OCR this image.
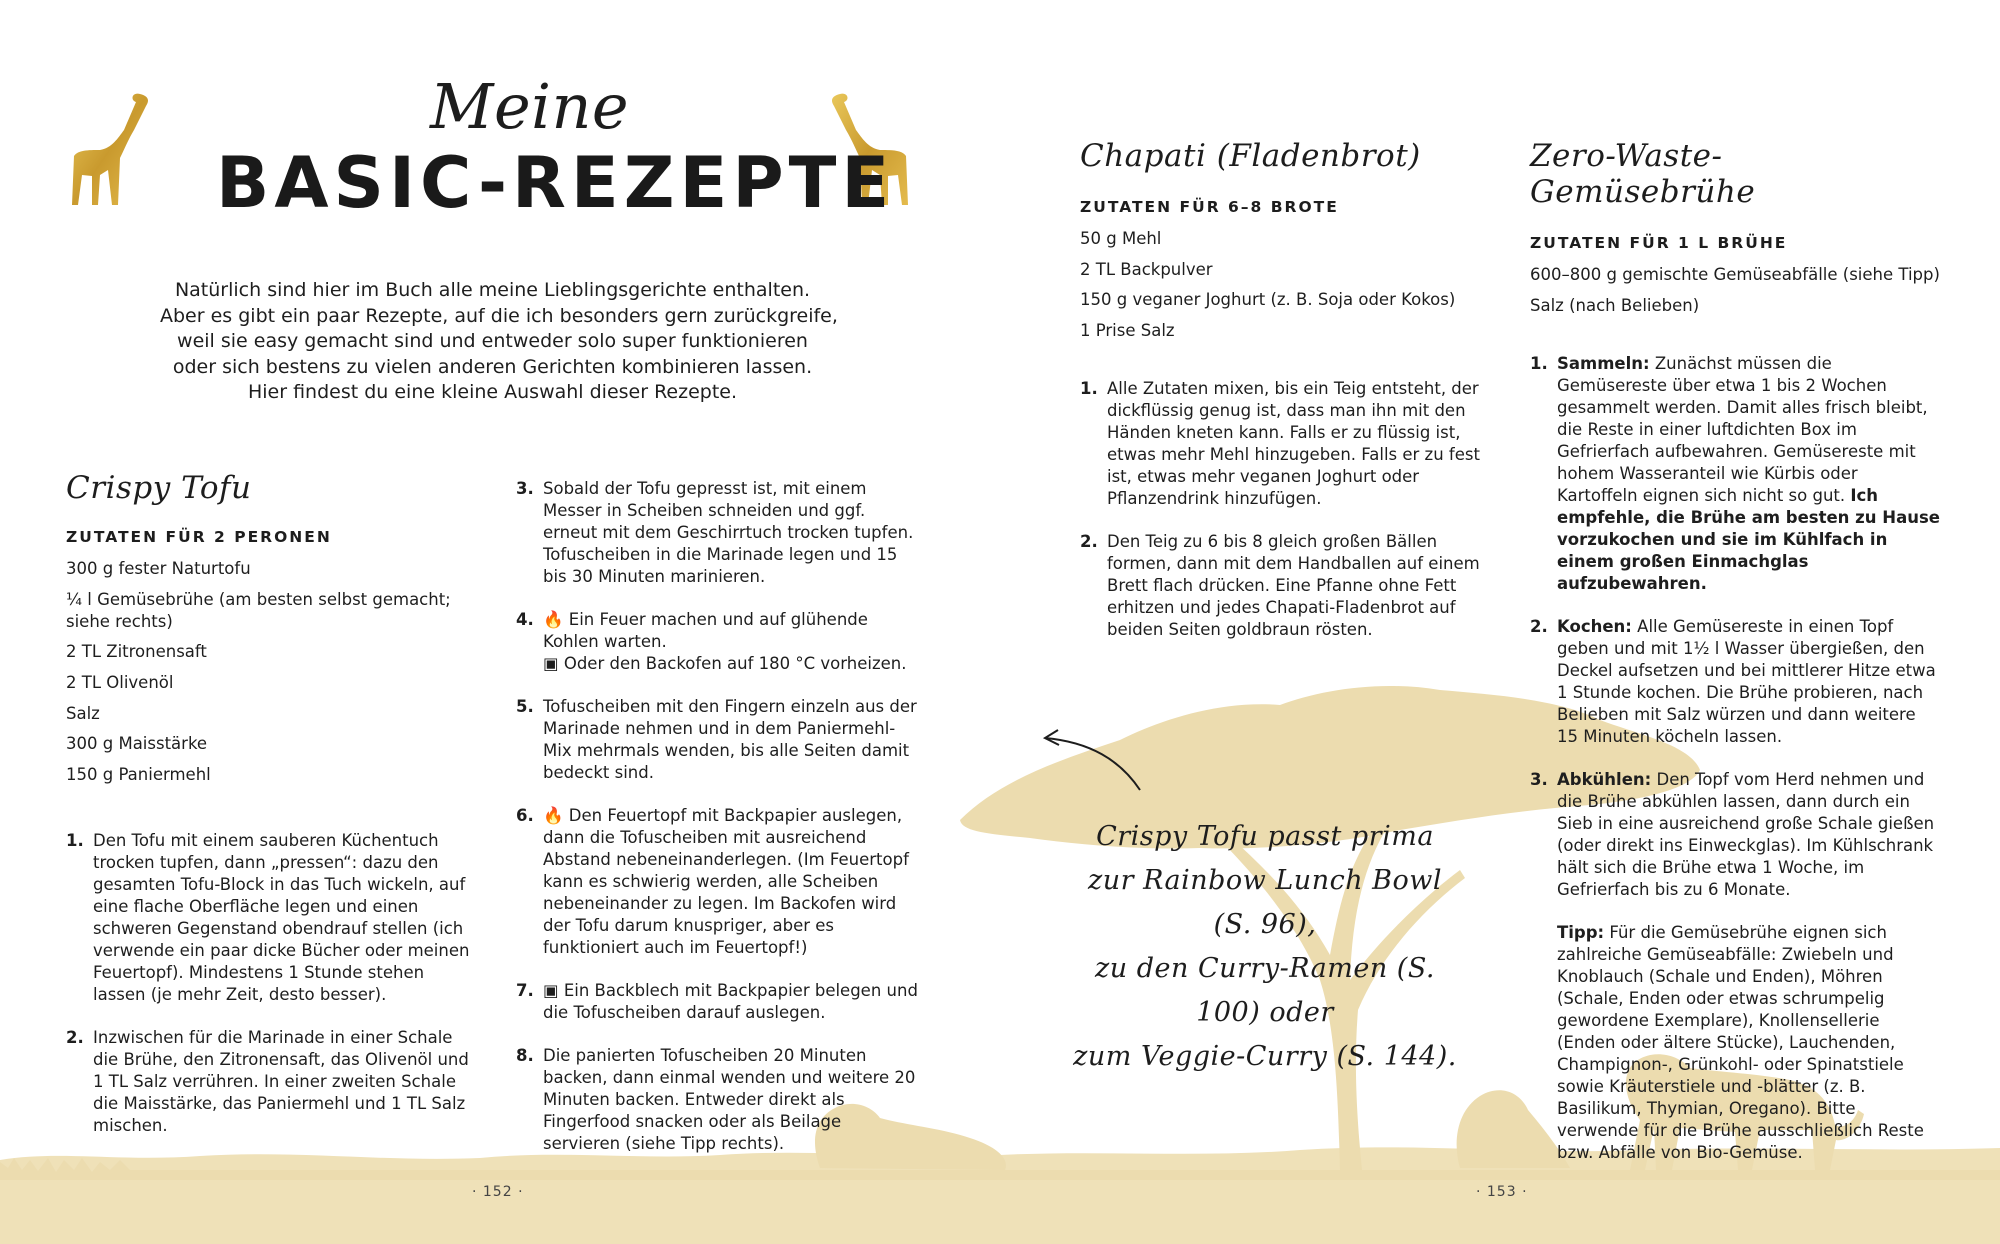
Meine
BASIC-REZEPTE
Natürlich sind hier im Buch alle meine Lieblingsgerichte enthalten.
Aber es gibt ein paar Rezepte, auf die ich besonders gern zurückgreife,
weil sie easy gemacht sind und entweder solo super funktionieren
oder sich bestens zu vielen anderen Gerichten kombinieren lassen.
Hier findest du eine kleine Auswahl dieser Rezepte.
Crispy Tofu
ZUTATEN FÜR 2 PERONEN
300 g fester Naturtofu
¼ l Gemüsebrühe (am besten selbst gemacht; siehe rechts)
2 TL Zitronensaft
2 TL Olivenöl
Salz
300 g Maisstärke
150 g Paniermehl
1. Den Tofu mit einem sauberen Küchentuch trocken tupfen, dann „pressen“: dazu den gesamten Tofu-Block in das Tuch wickeln, auf eine flache Oberfläche legen und einen schweren Gegenstand obendrauf stellen (ich verwende ein paar dicke Bücher oder meinen Feuertopf). Mindestens 1 Stunde stehen lassen (je mehr Zeit, desto besser).
2. Inzwischen für die Marinade in einer Schale die Brühe, den Zitronensaft, das Olivenöl und 1 TL Salz verrühren. In einer zweiten Schale die Maisstärke, das Paniermehl und 1 TL Salz mischen.
3. Sobald der Tofu gepresst ist, mit einem Messer in Scheiben schneiden und ggf. erneut mit dem Geschirrtuch trocken tupfen. Tofuscheiben in die Marinade legen und 15 bis 30 Minuten marinieren.
4. 🔥 Ein Feuer machen und auf glühende Kohlen warten.
▣ Oder den Backofen auf 180 °C vorheizen.
5. Tofuscheiben mit den Fingern einzeln aus der Marinade nehmen und in dem Paniermehl-Mix mehrmals wenden, bis alle Seiten damit bedeckt sind.
6. 🔥 Den Feuertopf mit Backpapier auslegen, dann die Tofuscheiben mit ausreichend Abstand nebeneinanderlegen. (Im Feuertopf kann es schwierig werden, alle Scheiben nebeneinander zu legen. Im Backofen wird der Tofu darum knuspriger, aber es funktioniert auch im Feuertopf!)
7. ▣ Ein Backblech mit Backpapier belegen und die Tofuscheiben darauf auslegen.
8. Die panierten Tofuscheiben 20 Minuten backen, dann einmal wenden und weitere 20 Minuten backen. Entweder direkt als Fingerfood snacken oder als Beilage servieren (siehe Tipp rechts).
Chapati (Fladenbrot)
ZUTATEN FÜR 6–8 BROTE
50 g Mehl
2 TL Backpulver
150 g veganer Joghurt (z. B. Soja oder Kokos)
1 Prise Salz
1. Alle Zutaten mixen, bis ein Teig entsteht, der dickflüssig genug ist, dass man ihn mit den Händen kneten kann. Falls er zu flüssig ist, etwas mehr Mehl hinzugeben. Falls er zu fest ist, etwas mehr veganen Joghurt oder Pflanzendrink hinzufügen.
2. Den Teig zu 6 bis 8 gleich großen Bällen formen, dann mit dem Handballen auf einem Brett flach drücken. Eine Pfanne ohne Fett erhitzen und jedes Chapati-Fladenbrot auf beiden Seiten goldbraun rösten.
Zero-Waste-Gemüsebrühe
ZUTATEN FÜR 1 L BRÜHE
600–800 g gemischte Gemüseabfälle (siehe Tipp)
Salz (nach Belieben)
1. Sammeln: Zunächst müssen die Gemüsereste über etwa 1 bis 2 Wochen gesammelt werden. Damit alles frisch bleibt, die Reste in einer luftdichten Box im Gefrierfach aufbewahren. Gemüsereste mit hohem Wasseranteil wie Kürbis oder Kartoffeln eignen sich nicht so gut. Ich empfehle, die Brühe am besten zu Hause vorzukochen und sie im Kühlfach in einem großen Einmachglas aufzubewahren.
2. Kochen: Alle Gemüsereste in einen Topf geben und mit 1½ l Wasser übergießen, den Deckel aufsetzen und bei mittlerer Hitze etwa 1 Stunde kochen. Die Brühe probieren, nach Belieben mit Salz würzen und dann weitere 15 Minuten köcheln lassen.
3. Abkühlen: Den Topf vom Herd nehmen und die Brühe abkühlen lassen, dann durch ein Sieb in eine ausreichend große Schale gießen (oder direkt ins Einweckglas). Im Kühlschrank hält sich die Brühe etwa 1 Woche, im Gefrierfach bis zu 6 Monate.

Tipp: Für die Gemüsebrühe eignen sich zahlreiche Gemüseabfälle: Zwiebeln und Knoblauch (Schale und Enden), Möhren (Schale, Enden oder etwas schrumpelig gewordene Exemplare), Knollensellerie (Enden oder ältere Stücke), Lauchenden, Champignon-, Grünkohl- oder Spinatstiele sowie Kräuterstiele und -blätter (z. B. Basilikum, Thymian, Oregano). Bitte verwende für die Brühe ausschließlich Reste bzw. Abfälle von Bio-Gemüse.

Crispy Tofu passt prima
zur Rainbow Lunch Bowl (S. 96),
zu den Curry-Ramen (S. 100) oder
zum Veggie-Curry (S. 144).
· 152 ·	· 153 ·
